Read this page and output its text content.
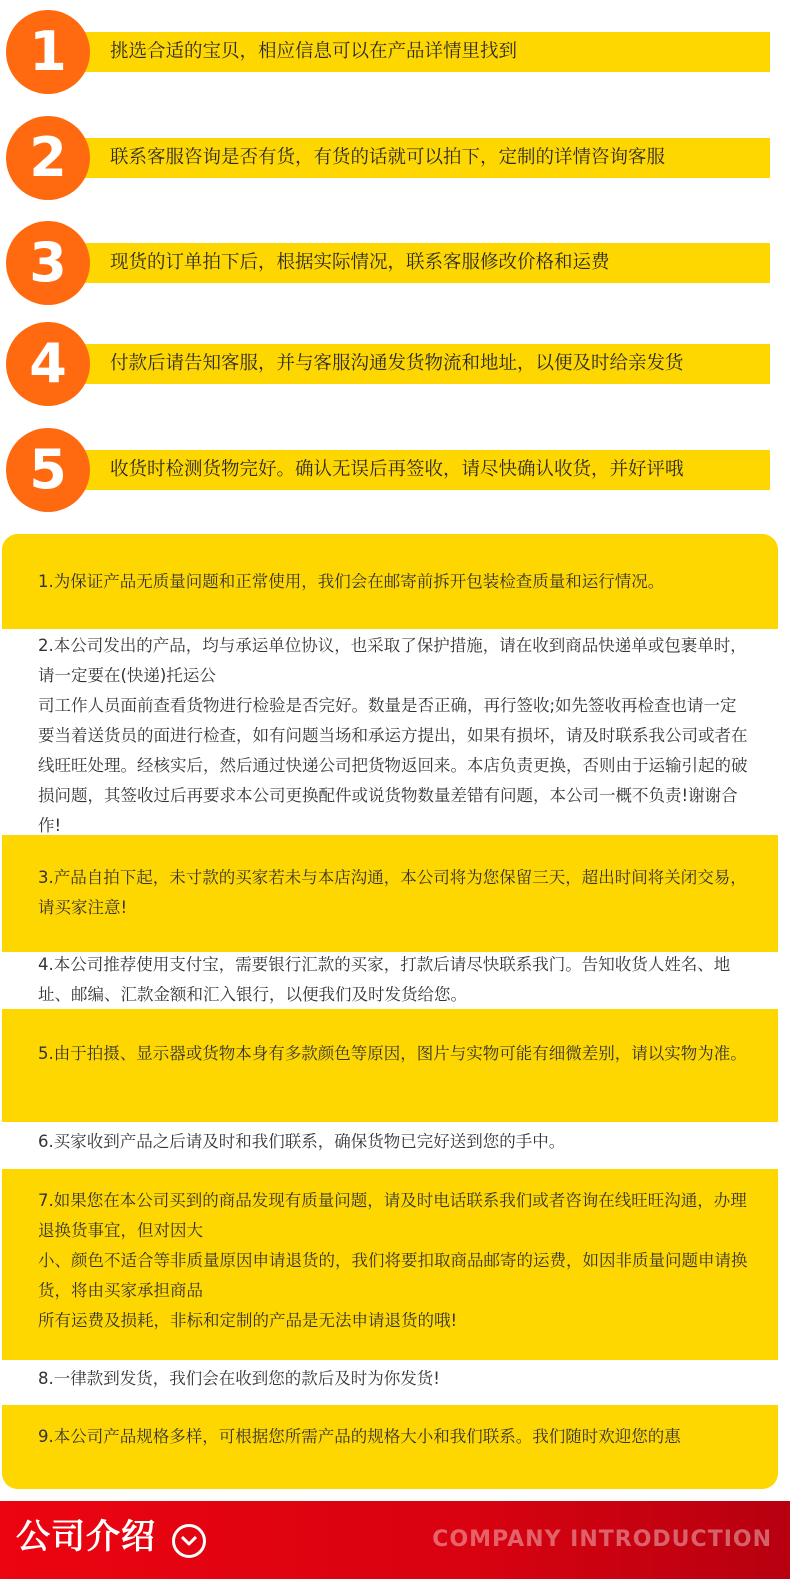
挑选合适的宝贝，相应信息可以在产品详情里找到
1
联系客服咨询是否有货，有货的话就可以拍下，定制的详情咨询客服
2
现货的订单拍下后，根据实际情况，联系客服修改价格和运费
3
付款后请告知客服，并与客服沟通发货物流和地址，以便及时给亲发货
4
收货时检测货物完好。确认无误后再签收，请尽快确认收货，并好评哦
5
1.为保证产品无质量问题和正常使用，我们会在邮寄前拆开包装检查质量和运行情况。
2.本公司发出的产品，均与承运单位协议，也采取了保护措施，请在收到商品快递单或包裹单时，请一定要在(快递)托运公
司工作人员面前查看货物进行检验是否完好。数量是否正确，再行签收;如先签收再检查也请一定要当着送货员的面进行检查，如有问题当场和承运方提出，如果有损坏，请及时联系我公司或者在线旺旺处理。经核实后，然后通过快递公司把货物返回来。本店负责更换，否则由于运输引起的破损问题，其签收过后再要求本公司更换配件或说货物数量差错有问题，本公司一概不负责!谢谢合作!
3.产品自拍下起，未寸款的买家若未与本店沟通，本公司将为您保留三天，超出时间将关闭交易，请买家注意!
4.本公司推荐使用支付宝，需要银行汇款的买家，打款后请尽快联系我门。告知收货人姓名、地址、邮编、汇款金额和汇入银行，以便我们及时发货给您。
5.由于拍摄、显示器或货物本身有多款颜色等原因，图片与实物可能有细微差别，请以实物为准。
6.买家收到产品之后请及时和我们联系，确保货物已完好送到您的手中。
7.如果您在本公司买到的商品发现有质量问题，请及时电话联系我们或者咨询在线旺旺沟通，办理退换货事宜，但对因大
小、颜色不适合等非质量原因申请退货的，我们将要扣取商品邮寄的运费，如因非质量问题申请换货，将由买家承担商品
所有运费及损耗，非标和定制的产品是无法申请退货的哦!
8.一律款到发货，我们会在收到您的款后及时为你发货!
9.本公司产品规格多样，可根据您所需产品的规格大小和我们联系。我们随时欢迎您的惠
公司介绍	COMPANY INTRODUCTION
